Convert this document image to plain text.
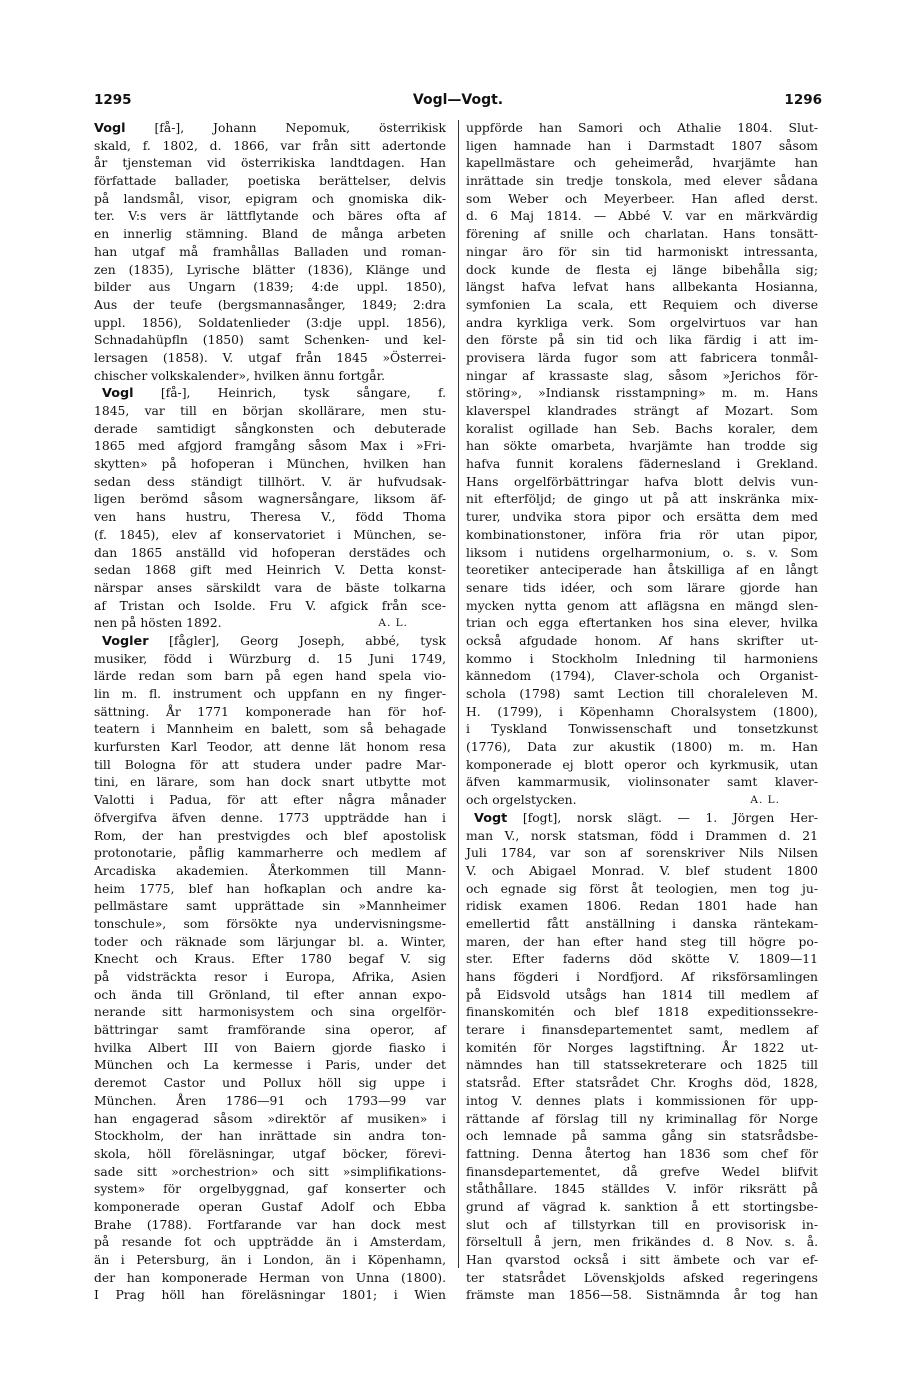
1295	Vogl—Vogt.	1296
Vogl [få-], Johann Nepomuk, österrikisk
skald, f. 1802, d. 1866, var från sitt adertonde
år tjensteman vid österrikiska landtdagen. Han
författade ballader, poetiska berättelser, delvis
på landsmål, visor, epigram och gnomiska dik-
ter. V:s vers är lättflytande och bäres ofta af
en innerlig stämning. Bland de många arbeten
han utgaf må framhållas Balladen und roman-
zen (1835), Lyrische blätter (1836), Klänge und
bilder aus Ungarn (1839; 4:de uppl. 1850),
Aus der teufe (bergsmannasånger, 1849; 2:dra
uppl. 1856), Soldatenlieder (3:dje uppl. 1856),
Schnadahüpfln (1850) samt Schenken- und kel-
lersagen (1858). V. utgaf från 1845 »Österrei-
chischer volkskalender», hvilken ännu fortgår.
Vogl [få-], Heinrich, tysk sångare, f.
1845, var till en början skollärare, men stu-
derade samtidigt sångkonsten och debuterade
1865 med afgjord framgång såsom Max i »Fri-
skytten» på hofoperan i München, hvilken han
sedan dess ständigt tillhört. V. är hufvudsak-
ligen berömd såsom wagnersångare, liksom äf-
ven hans hustru, Theresa V., född Thoma
(f. 1845), elev af konservatoriet i München, se-
dan 1865 anställd vid hofoperan derstädes och
sedan 1868 gift med Heinrich V. Detta konst-
närspar anses särskildt vara de bäste tolkarna
af Tristan och Isolde. Fru V. afgick från sce-
nen på hösten 1892.	A. L.
Vogler [fågler], Georg Joseph, abbé, tysk
musiker, född i Würzburg d. 15 Juni 1749,
lärde redan som barn på egen hand spela vio-
lin m. fl. instrument och uppfann en ny finger-
sättning. År 1771 komponerade han för hof-
teatern i Mannheim en balett, som så behagade
kurfursten Karl Teodor, att denne lät honom resa
till Bologna för att studera under padre Mar-
tini, en lärare, som han dock snart utbytte mot
Valotti i Padua, för att efter några månader
öfvergifva äfven denne. 1773 uppträdde han i
Rom, der han prestvigdes och blef apostolisk
protonotarie, påflig kammarherre och medlem af
Arcadiska akademien. Återkommen till Mann-
heim 1775, blef han hofkaplan och andre ka-
pellmästare samt upprättade sin »Mannheimer
tonschule», som försökte nya undervisningsme-
toder och räknade som lärjungar bl. a. Winter,
Knecht och Kraus. Efter 1780 begaf V. sig
på vidsträckta resor i Europa, Afrika, Asien
och ända till Grönland, til efter annan expo-
nerande sitt harmonisystem och sina orgelför-
bättringar samt framförande sina operor, af
hvilka Albert III von Baiern gjorde fiasko i
München och La kermesse i Paris, under det
deremot Castor und Pollux höll sig uppe i
München. Åren 1786—91 och 1793—99 var
han engagerad såsom »direktör af musiken» i
Stockholm, der han inrättade sin andra ton-
skola, höll föreläsningar, utgaf böcker, förevi-
sade sitt »orchestrion» och sitt »simplifikations-
system» för orgelbyggnad, gaf konserter och
komponerade operan Gustaf Adolf och Ebba
Brahe (1788). Fortfarande var han dock mest
på resande fot och uppträdde än i Amsterdam,
än i Petersburg, än i London, än i Köpenhamn,
der han komponerade Herman von Unna (1800).
I Prag höll han föreläsningar 1801; i Wien
uppförde han Samori och Athalie 1804. Slut-
ligen hamnade han i Darmstadt 1807 såsom
kapellmästare och geheimeråd, hvarjämte han
inrättade sin tredje tonskola, med elever sådana
som Weber och Meyerbeer. Han afled derst.
d. 6 Maj 1814. — Abbé V. var en märkvärdig
förening af snille och charlatan. Hans tonsätt-
ningar äro för sin tid harmoniskt intressanta,
dock kunde de flesta ej länge bibehålla sig;
längst hafva lefvat hans allbekanta Hosianna,
symfonien La scala, ett Requiem och diverse
andra kyrkliga verk. Som orgelvirtuos var han
den förste på sin tid och lika färdig i att im-
provisera lärda fugor som att fabricera tonmål-
ningar af krassaste slag, såsom »Jerichos för-
störing», »Indiansk risstampning» m. m. Hans
klaverspel klandrades strängt af Mozart. Som
koralist ogillade han Seb. Bachs koraler, dem
han sökte omarbeta, hvarjämte han trodde sig
hafva funnit koralens fädernesland i Grekland.
Hans orgelförbättringar hafva blott delvis vun-
nit efterföljd; de gingo ut på att inskränka mix-
turer, undvika stora pipor och ersätta dem med
kombinationstoner, införa fria rör utan pipor,
liksom i nutidens orgelharmonium, o. s. v. Som
teoretiker anteciperade han åtskilliga af en långt
senare tids idéer, och som lärare gjorde han
mycken nytta genom att aflägsna en mängd slen-
trian och egga eftertanken hos sina elever, hvilka
också afgudade honom. Af hans skrifter ut-
kommo i Stockholm Inledning til harmoniens
kännedom (1794), Claver-schola och Organist-
schola (1798) samt Lection till choraleleven M.
H. (1799), i Köpenhamn Choralsystem (1800),
i Tyskland Tonwissenschaft und tonsetzkunst
(1776), Data zur akustik (1800) m. m. Han
komponerade ej blott operor och kyrkmusik, utan
äfven kammarmusik, violinsonater samt klaver-
och orgelstycken.	A. L.
Vogt [fogt], norsk slägt. — 1. Jörgen Her-
man V., norsk statsman, född i Drammen d. 21
Juli 1784, var son af sorenskriver Nils Nilsen
V. och Abigael Monrad. V. blef student 1800
och egnade sig först åt teologien, men tog ju-
ridisk examen 1806. Redan 1801 hade han
emellertid fått anställning i danska räntekam-
maren, der han efter hand steg till högre po-
ster. Efter faderns död skötte V. 1809—11
hans fögderi i Nordfjord. Af riksförsamlingen
på Eidsvold utsågs han 1814 till medlem af
finanskomitén och blef 1818 expeditionssekre-
terare i finansdepartementet samt, medlem af
komitén för Norges lagstiftning. År 1822 ut-
nämndes han till statssekreterare och 1825 till
statsråd. Efter statsrådet Chr. Kroghs död, 1828,
intog V. dennes plats i kommissionen för upp-
rättande af förslag till ny kriminallag för Norge
och lemnade på samma gång sin statsrådsbe-
fattning. Denna återtog han 1836 som chef för
finansdepartementet, då grefve Wedel blifvit
ståthållare. 1845 ställdes V. inför riksrätt på
grund af vägrad k. sanktion å ett stortingsbe-
slut och af tillstyrkan till en provisorisk in-
förseltull å jern, men frikändes d. 8 Nov. s. å.
Han qvarstod också i sitt ämbete och var ef-
ter statsrådet Lövenskjolds afsked regeringens
främste man 1856—58. Sistnämnda år tog han
